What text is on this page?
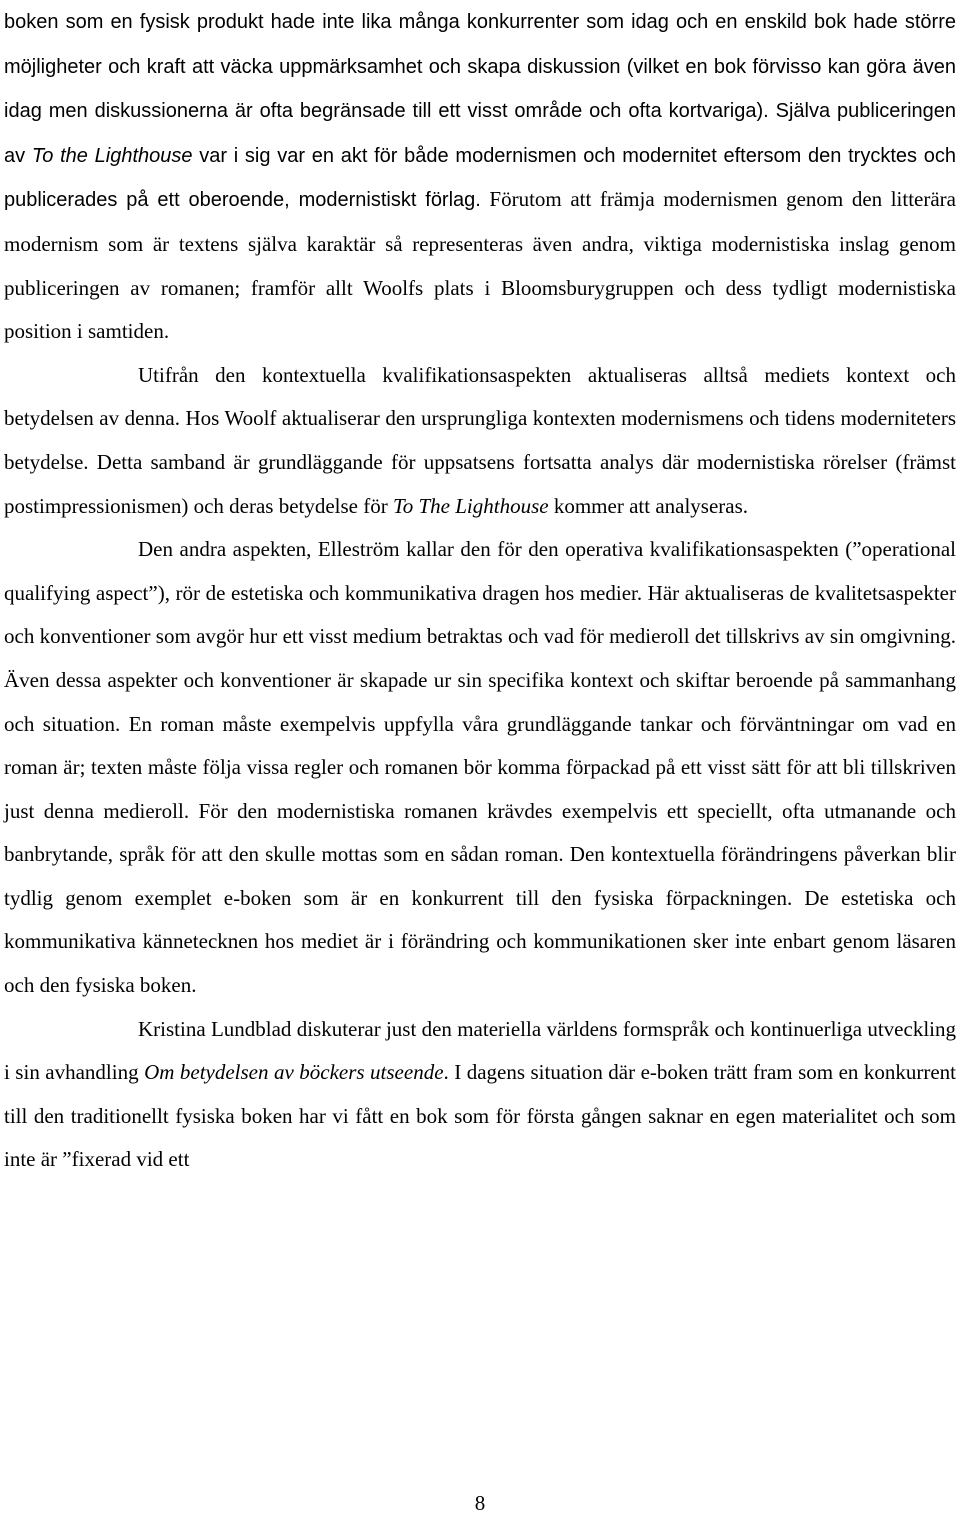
boken som en fysisk produkt hade inte lika många konkurrenter som idag och en enskild bok hade större möjligheter och kraft att väcka uppmärksamhet och skapa diskussion (vilket en bok förvisso kan göra även idag men diskussionerna är ofta begränsade till ett visst område och ofta kortvariga). Själva publiceringen av To the Lighthouse var i sig var en akt för både modernismen och modernitet eftersom den trycktes och publicerades på ett oberoende, modernistiskt förlag. Förutom att främja modernismen genom den litterära modernism som är textens själva karaktär så representeras även andra, viktiga modernistiska inslag genom publiceringen av romanen; framför allt Woolfs plats i Bloomsburygruppen och dess tydligt modernistiska position i samtiden.

Utifrån den kontextuella kvalifikationsaspekten aktualiseras alltså mediets kontext och betydelsen av denna. Hos Woolf aktualiserar den ursprungliga kontexten modernismens och tidens moderniteters betydelse. Detta samband är grundläggande för uppsatsens fortsatta analys där modernistiska rörelser (främst postimpressionismen) och deras betydelse för To The Lighthouse kommer att analyseras.

Den andra aspekten, Elleström kallar den för den operativa kvalifikationsaspekten (”operational qualifying aspect”), rör de estetiska och kommunikativa dragen hos medier. Här aktualiseras de kvalitetsaspekter och konventioner som avgör hur ett visst medium betraktas och vad för medieroll det tillskrivs av sin omgivning. Även dessa aspekter och konventioner är skapade ur sin specifika kontext och skiftar beroende på sammanhang och situation. En roman måste exempelvis uppfylla våra grundläggande tankar och förväntningar om vad en roman är; texten måste följa vissa regler och romanen bör komma förpackad på ett visst sätt för att bli tillskriven just denna medieroll. För den modernistiska romanen krävdes exempelvis ett speciellt, ofta utmanande och banbrytande, språk för att den skulle mottas som en sådan roman. Den kontextuella förändringens påverkan blir tydlig genom exemplet e-boken som är en konkurrent till den fysiska förpackningen. De estetiska och kommunikativa kännetecknen hos mediet är i förändring och kommunikationen sker inte enbart genom läsaren och den fysiska boken.

Kristina Lundblad diskuterar just den materiella världens formspråk och kontinuerliga utveckling i sin avhandling Om betydelsen av böckers utseende. I dagens situation där e-boken trätt fram som en konkurrent till den traditionellt fysiska boken har vi fått en bok som för första gången saknar en egen materialitet och som inte är ”fixerad vid ett

8
